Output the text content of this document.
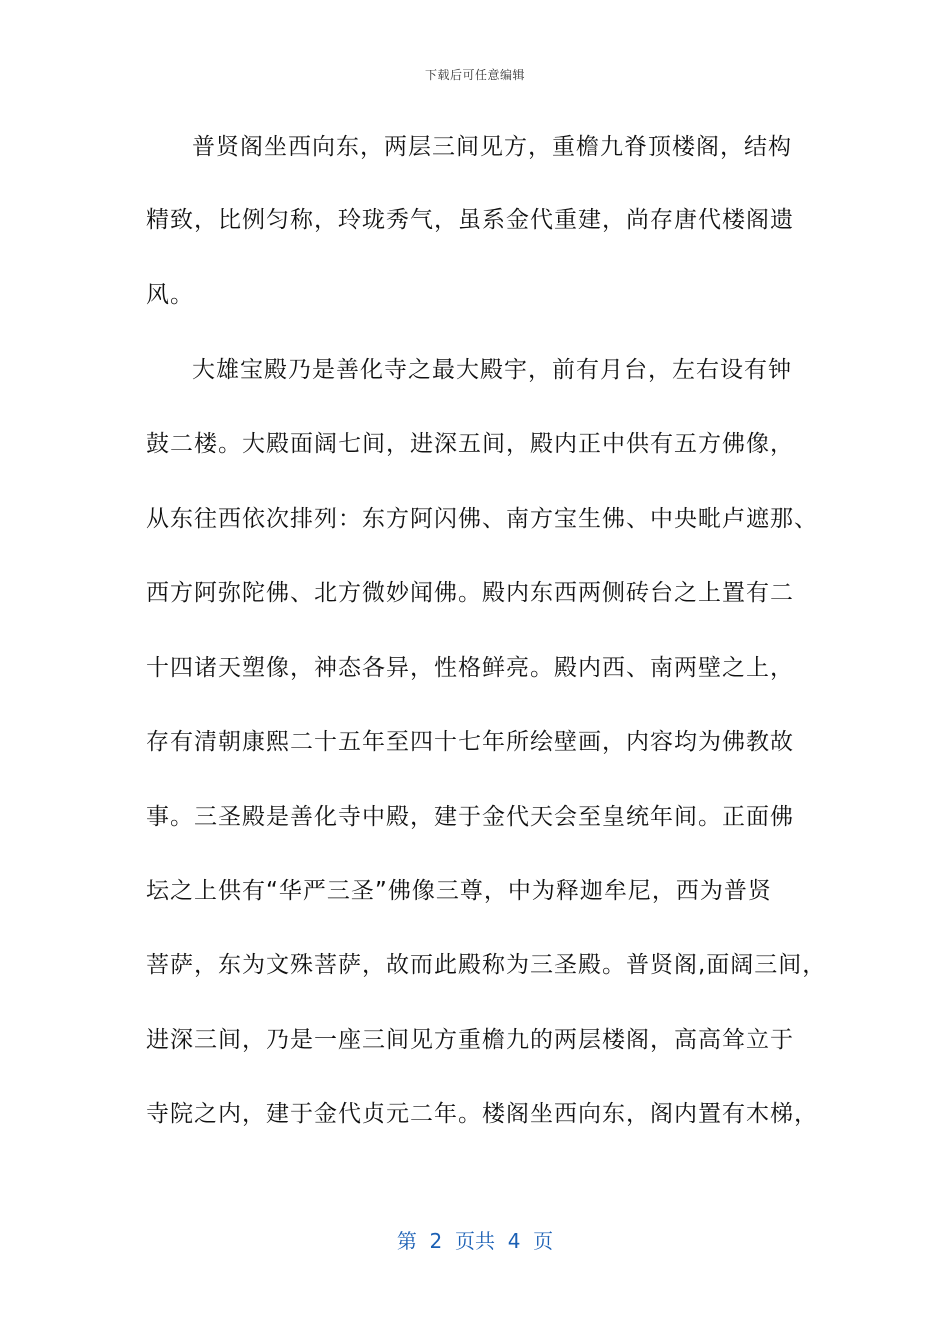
下载后可任意编辑
普贤阁坐西向东，两层三间见方，重檐九脊顶楼阁，结构
精致，比例匀称，玲珑秀气，虽系金代重建，尚存唐代楼阁遗
风。
大雄宝殿乃是善化寺之最大殿宇，前有月台，左右设有钟
鼓二楼。大殿面阔七间，进深五间，殿内正中供有五方佛像，
从东往西依次排列：东方阿闪佛、南方宝生佛、中央毗卢遮那、
西方阿弥陀佛、北方微妙闻佛。殿内东西两侧砖台之上置有二
十四诸天塑像，神态各异，性格鲜亮。殿内西、南两壁之上，
存有清朝康熙二十五年至四十七年所绘壁画，内容均为佛教故
事。三圣殿是善化寺中殿，建于金代天会至皇统年间。正面佛
坛之上供有“华严三圣”佛像三尊，中为释迦牟尼，西为普贤
菩萨，东为文殊菩萨，故而此殿称为三圣殿。普贤阁,面阔三间，
进深三间，乃是一座三间见方重檐九的两层楼阁，高高耸立于
寺院之内，建于金代贞元二年。楼阁坐西向东，阁内置有木梯，
第  2  页共  4  页
